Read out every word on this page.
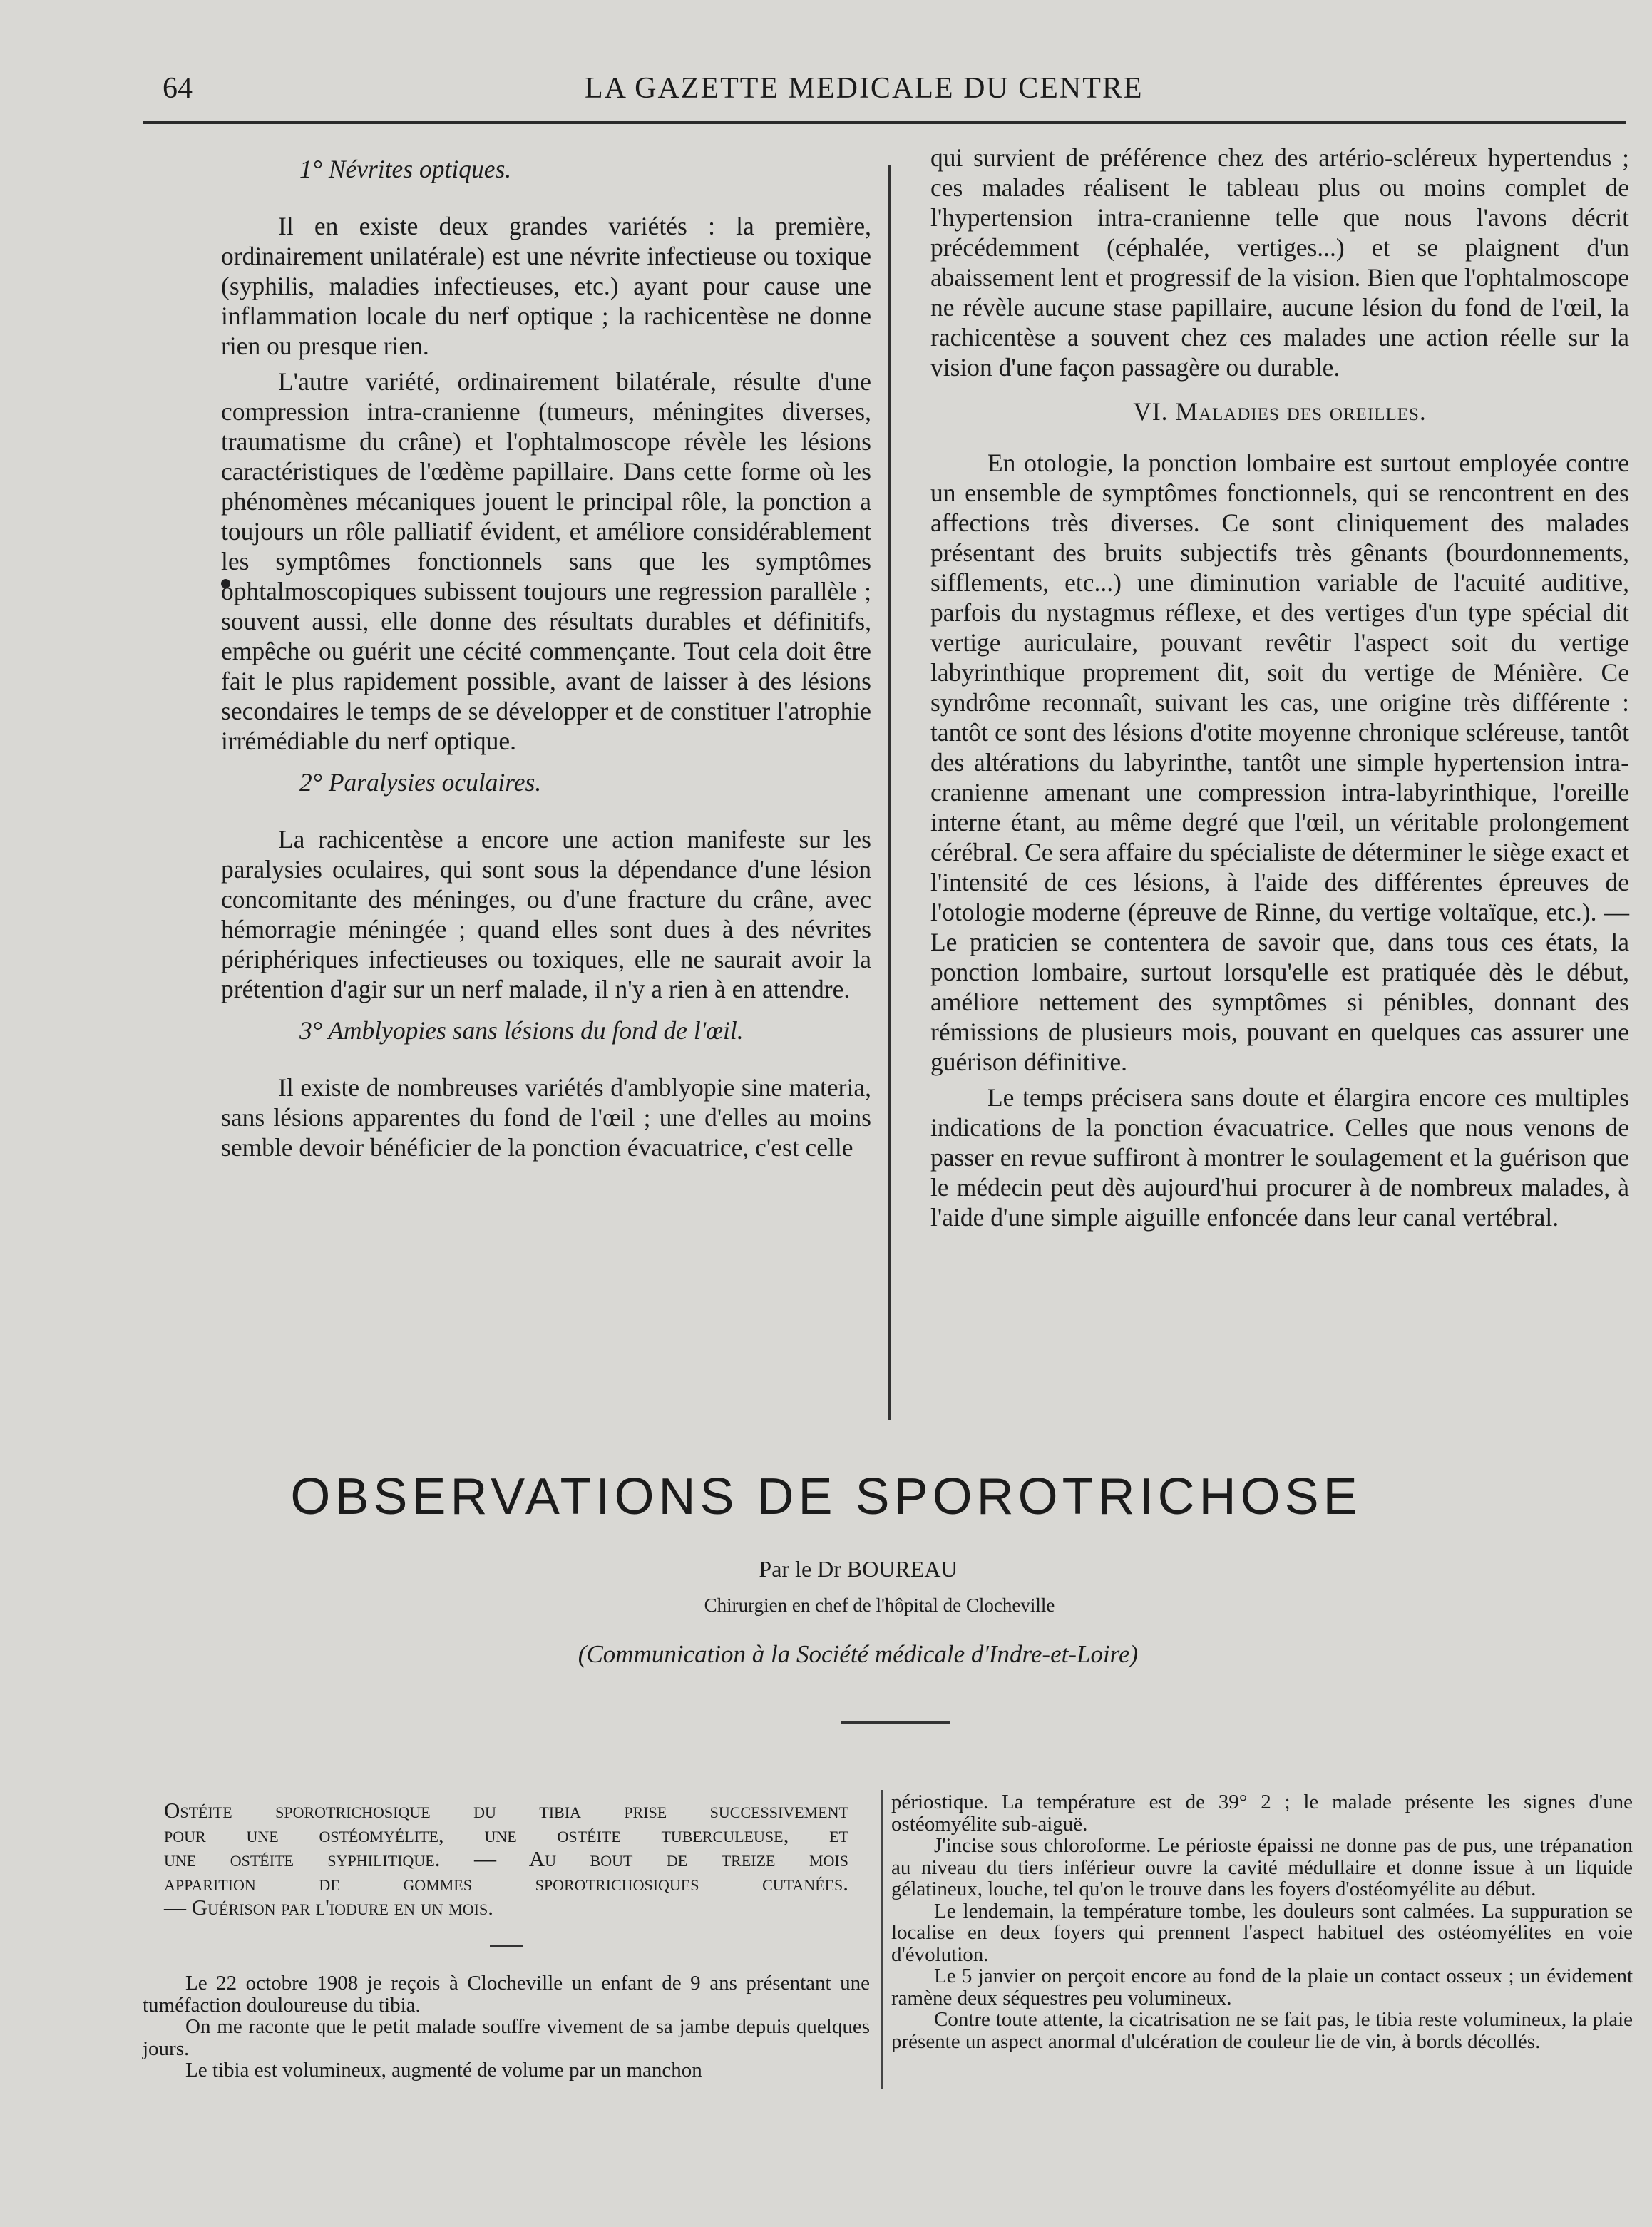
64	LA GAZETTE MEDICALE DU CENTRE

1° Névrites optiques.

Il en existe deux grandes variétés : la première, ordinairement unilatérale) est une névrite infectieuse ou toxique (syphilis, maladies infectieuses, etc.) ayant pour cause une inflammation locale du nerf optique ; la rachicentèse ne donne rien ou presque rien.

L'autre variété, ordinairement bilatérale, résulte d'une compression intra-cranienne (tumeurs, méningites diverses, traumatisme du crâne) et l'ophtalmoscope révèle les lésions caractéristiques de l'œdème papillaire. Dans cette forme où les phénomènes mécaniques jouent le principal rôle, la ponction a toujours un rôle palliatif évident, et améliore considérablement les symptômes fonctionnels sans que les symptômes ophtalmoscopiques subissent toujours une regression parallèle ; souvent aussi, elle donne des résultats durables et définitifs, empêche ou guérit une cécité commençante. Tout cela doit être fait le plus rapidement possible, avant de laisser à des lésions secondaires le temps de se développer et de constituer l'atrophie irrémédiable du nerf optique.

2° Paralysies oculaires.

La rachicentèse a encore une action manifeste sur les paralysies oculaires, qui sont sous la dépendance d'une lésion concomitante des méninges, ou d'une fracture du crâne, avec hémorragie méningée ; quand elles sont dues à des névrites périphériques infectieuses ou toxiques, elle ne saurait avoir la prétention d'agir sur un nerf malade, il n'y a rien à en attendre.

3° Amblyopies sans lésions du fond de l'œil.

Il existe de nombreuses variétés d'amblyopie sine materia, sans lésions apparentes du fond de l'œil ; une d'elles au moins semble devoir bénéficier de la ponction évacuatrice, c'est celle

qui survient de préférence chez des artério-scléreux hypertendus ; ces malades réalisent le tableau plus ou moins complet de l'hypertension intra-cranienne telle que nous l'avons décrit précédemment (céphalée, vertiges...) et se plaignent d'un abaissement lent et progressif de la vision. Bien que l'ophtalmoscope ne révèle aucune stase papillaire, aucune lésion du fond de l'œil, la rachicentèse a souvent chez ces malades une action réelle sur la vision d'une façon passagère ou durable.

VI. Maladies des oreilles.

En otologie, la ponction lombaire est surtout employée contre un ensemble de symptômes fonctionnels, qui se rencontrent en des affections très diverses. Ce sont cliniquement des malades présentant des bruits subjectifs très gênants (bourdonnements, sifflements, etc...) une diminution variable de l'acuité auditive, parfois du nystagmus réflexe, et des vertiges d'un type spécial dit vertige auriculaire, pouvant revêtir l'aspect soit du vertige labyrinthique proprement dit, soit du vertige de Ménière. Ce syndrôme reconnaît, suivant les cas, une origine très différente : tantôt ce sont des lésions d'otite moyenne chronique scléreuse, tantôt des altérations du labyrinthe, tantôt une simple hypertension intra-cranienne amenant une compression intra-labyrinthique, l'oreille interne étant, au même degré que l'œil, un véritable prolongement cérébral. Ce sera affaire du spécialiste de déterminer le siège exact et l'intensité de ces lésions, à l'aide des différentes épreuves de l'otologie moderne (épreuve de Rinne, du vertige voltaïque, etc.). — Le praticien se contentera de savoir que, dans tous ces états, la ponction lombaire, surtout lorsqu'elle est pratiquée dès le début, améliore nettement des symptômes si pénibles, donnant des rémissions de plusieurs mois, pouvant en quelques cas assurer une guérison définitive.

Le temps précisera sans doute et élargira encore ces multiples indications de la ponction évacuatrice. Celles que nous venons de passer en revue suffiront à montrer le soulagement et la guérison que le médecin peut dès aujourd'hui procurer à de nombreux malades, à l'aide d'une simple aiguille enfoncée dans leur canal vertébral.

OBSERVATIONS DE SPOROTRICHOSE
Par le Dr BOUREAU
Chirurgien en chef de l'hôpital de Clocheville
(Communication à la Société médicale d'Indre-et-Loire)
Ostéite sporotrichosique du tibia prise successivement
pour une ostéomyélite, une ostéite tuberculeuse, et
une ostéite syphilitique. — Au bout de treize mois
apparition de gommes sporotrichosiques cutanées.
— Guérison par l'iodure en un mois.

Le 22 octobre 1908 je reçois à Clocheville un enfant de 9 ans présentant une tuméfaction douloureuse du tibia.

On me raconte que le petit malade souffre vivement de sa jambe depuis quelques jours.

Le tibia est volumineux, augmenté de volume par un manchon

périostique. La température est de 39° 2 ; le malade présente les signes d'une ostéomyélite sub-aiguë.

J'incise sous chloroforme. Le périoste épaissi ne donne pas de pus, une trépanation au niveau du tiers inférieur ouvre la cavité médullaire et donne issue à un liquide gélatineux, louche, tel qu'on le trouve dans les foyers d'ostéomyélite au début.

Le lendemain, la température tombe, les douleurs sont calmées. La suppuration se localise en deux foyers qui prennent l'aspect habituel des ostéomyélites en voie d'évolution.

Le 5 janvier on perçoit encore au fond de la plaie un contact osseux ; un évidement ramène deux séquestres peu volumineux.

Contre toute attente, la cicatrisation ne se fait pas, le tibia reste volumineux, la plaie présente un aspect anormal d'ulcération de couleur lie de vin, à bords décollés.
